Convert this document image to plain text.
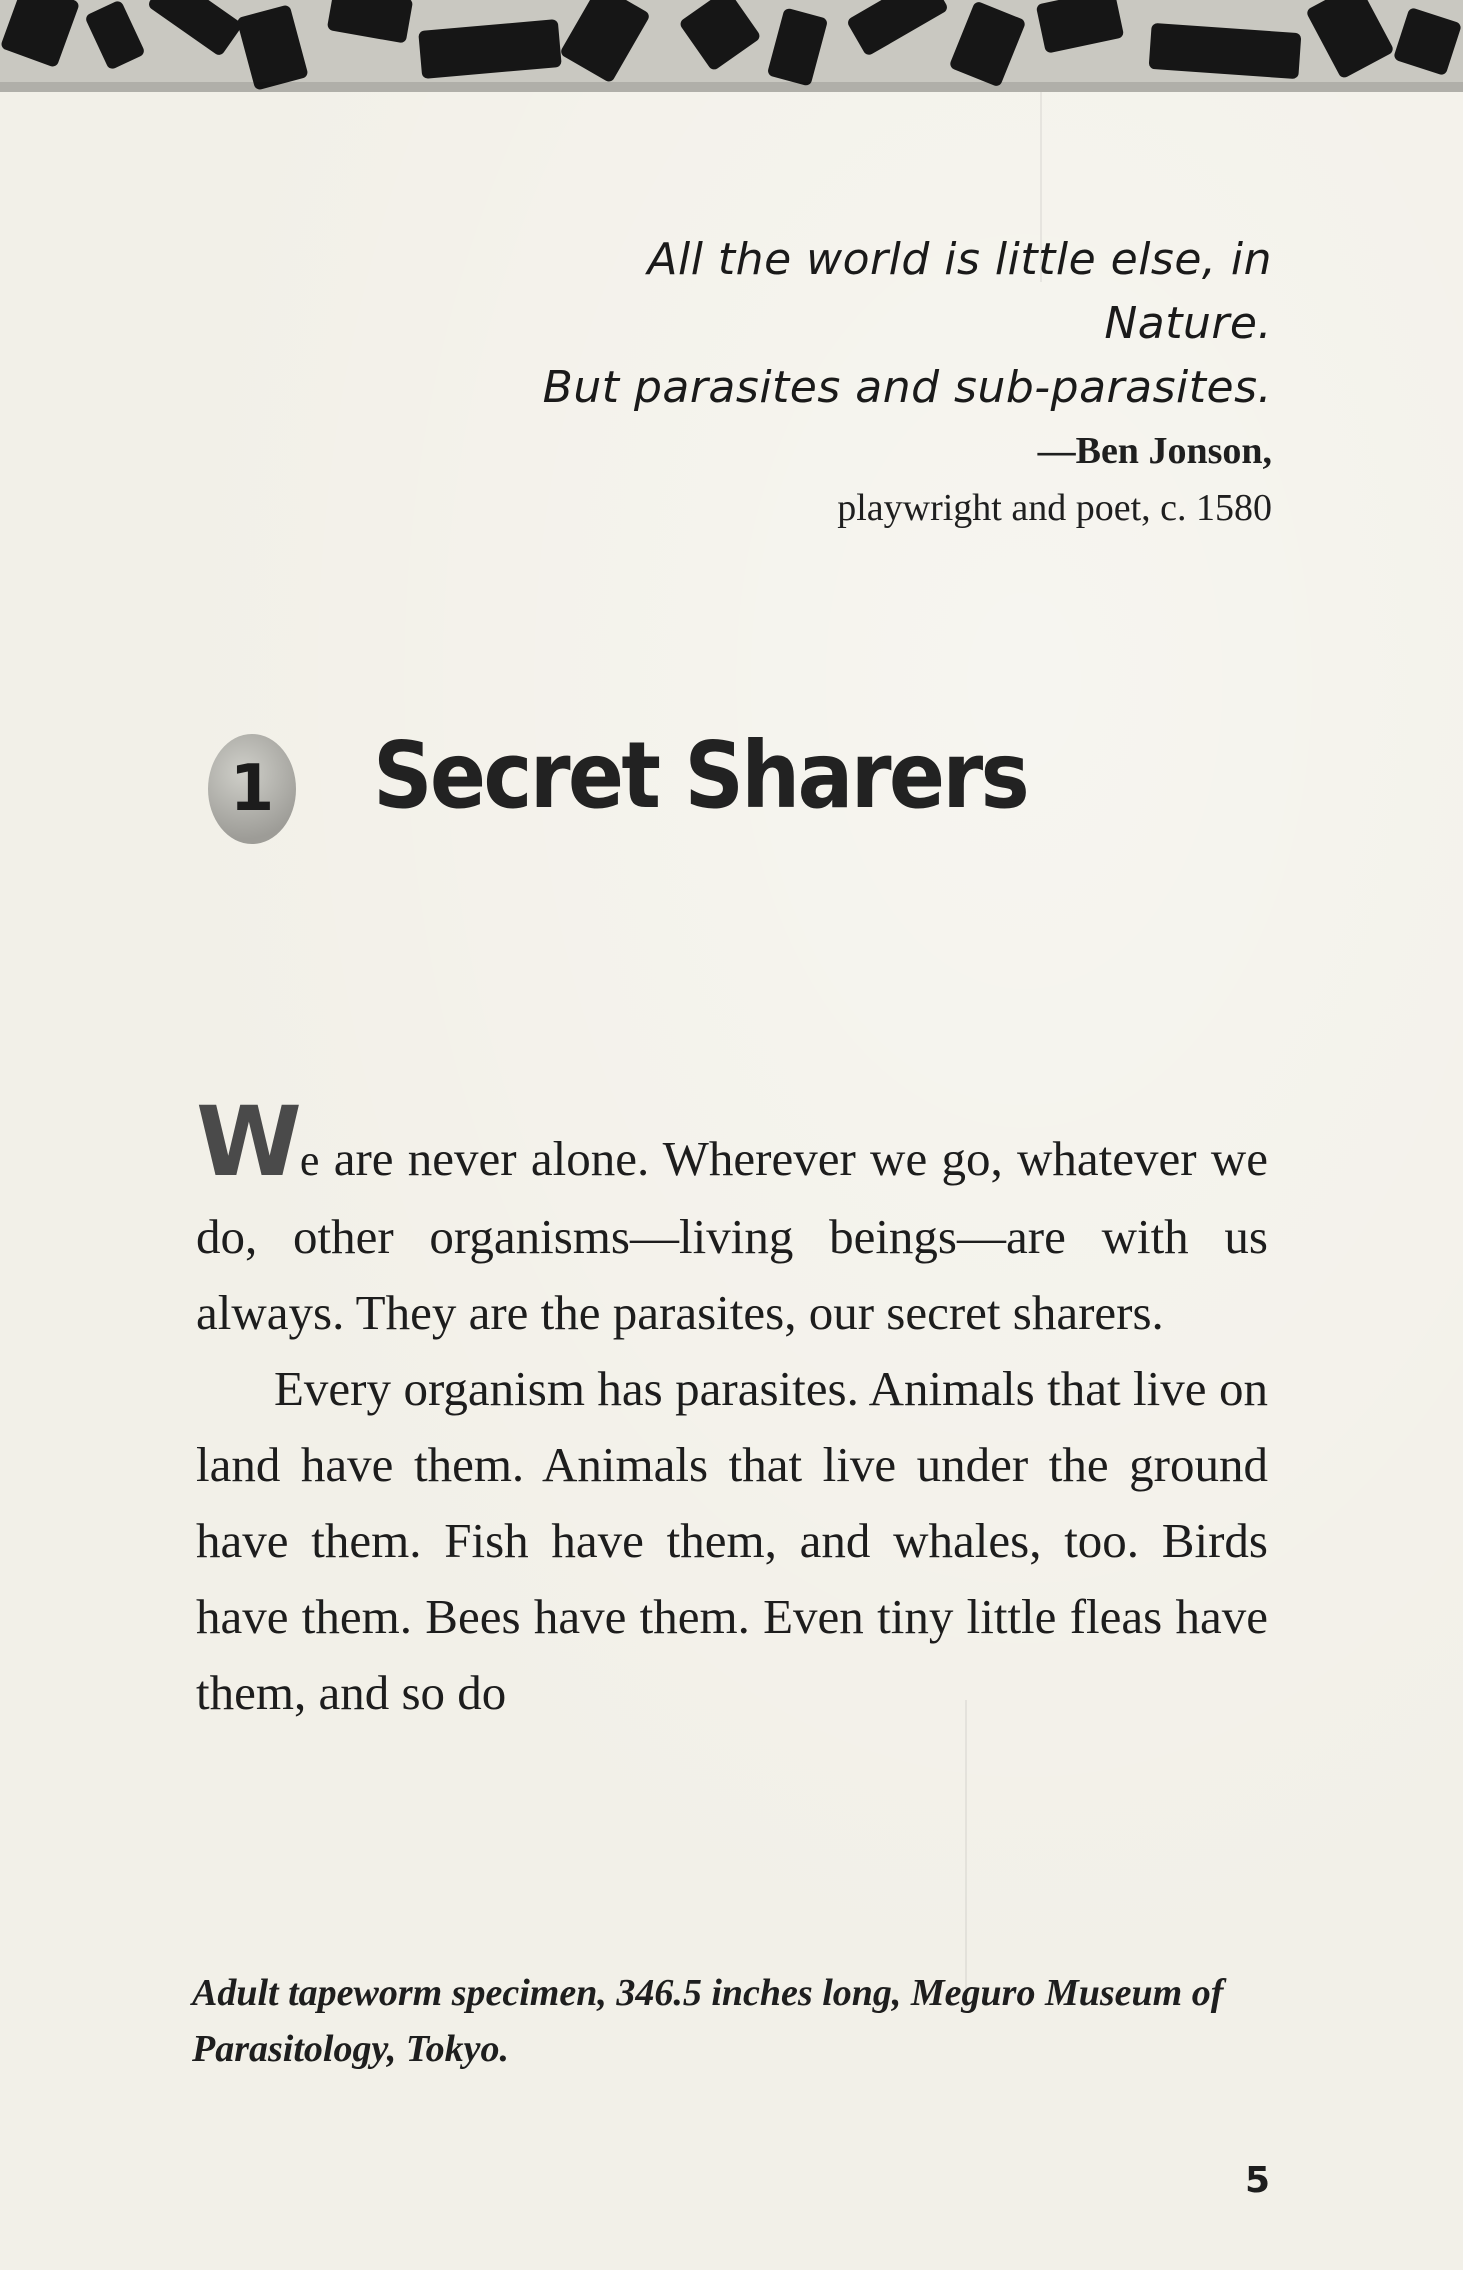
All the world is little else, in Nature.
But parasites and sub-parasites.
—Ben Jonson,
playwright and poet, c. 1580
1 Secret Sharers

We are never alone. Wherever we go, whatever we do, other organisms—living beings—are with us always. They are the parasites, our secret sharers.

Every organism has parasites. Animals that live on land have them. Animals that live under the ground have them. Fish have them, and whales, too. Birds have them. Bees have them. Even tiny little fleas have them, and so do

Adult tapeworm specimen, 346.5 inches long, Meguro Museum of Parasitology, Tokyo.
5
